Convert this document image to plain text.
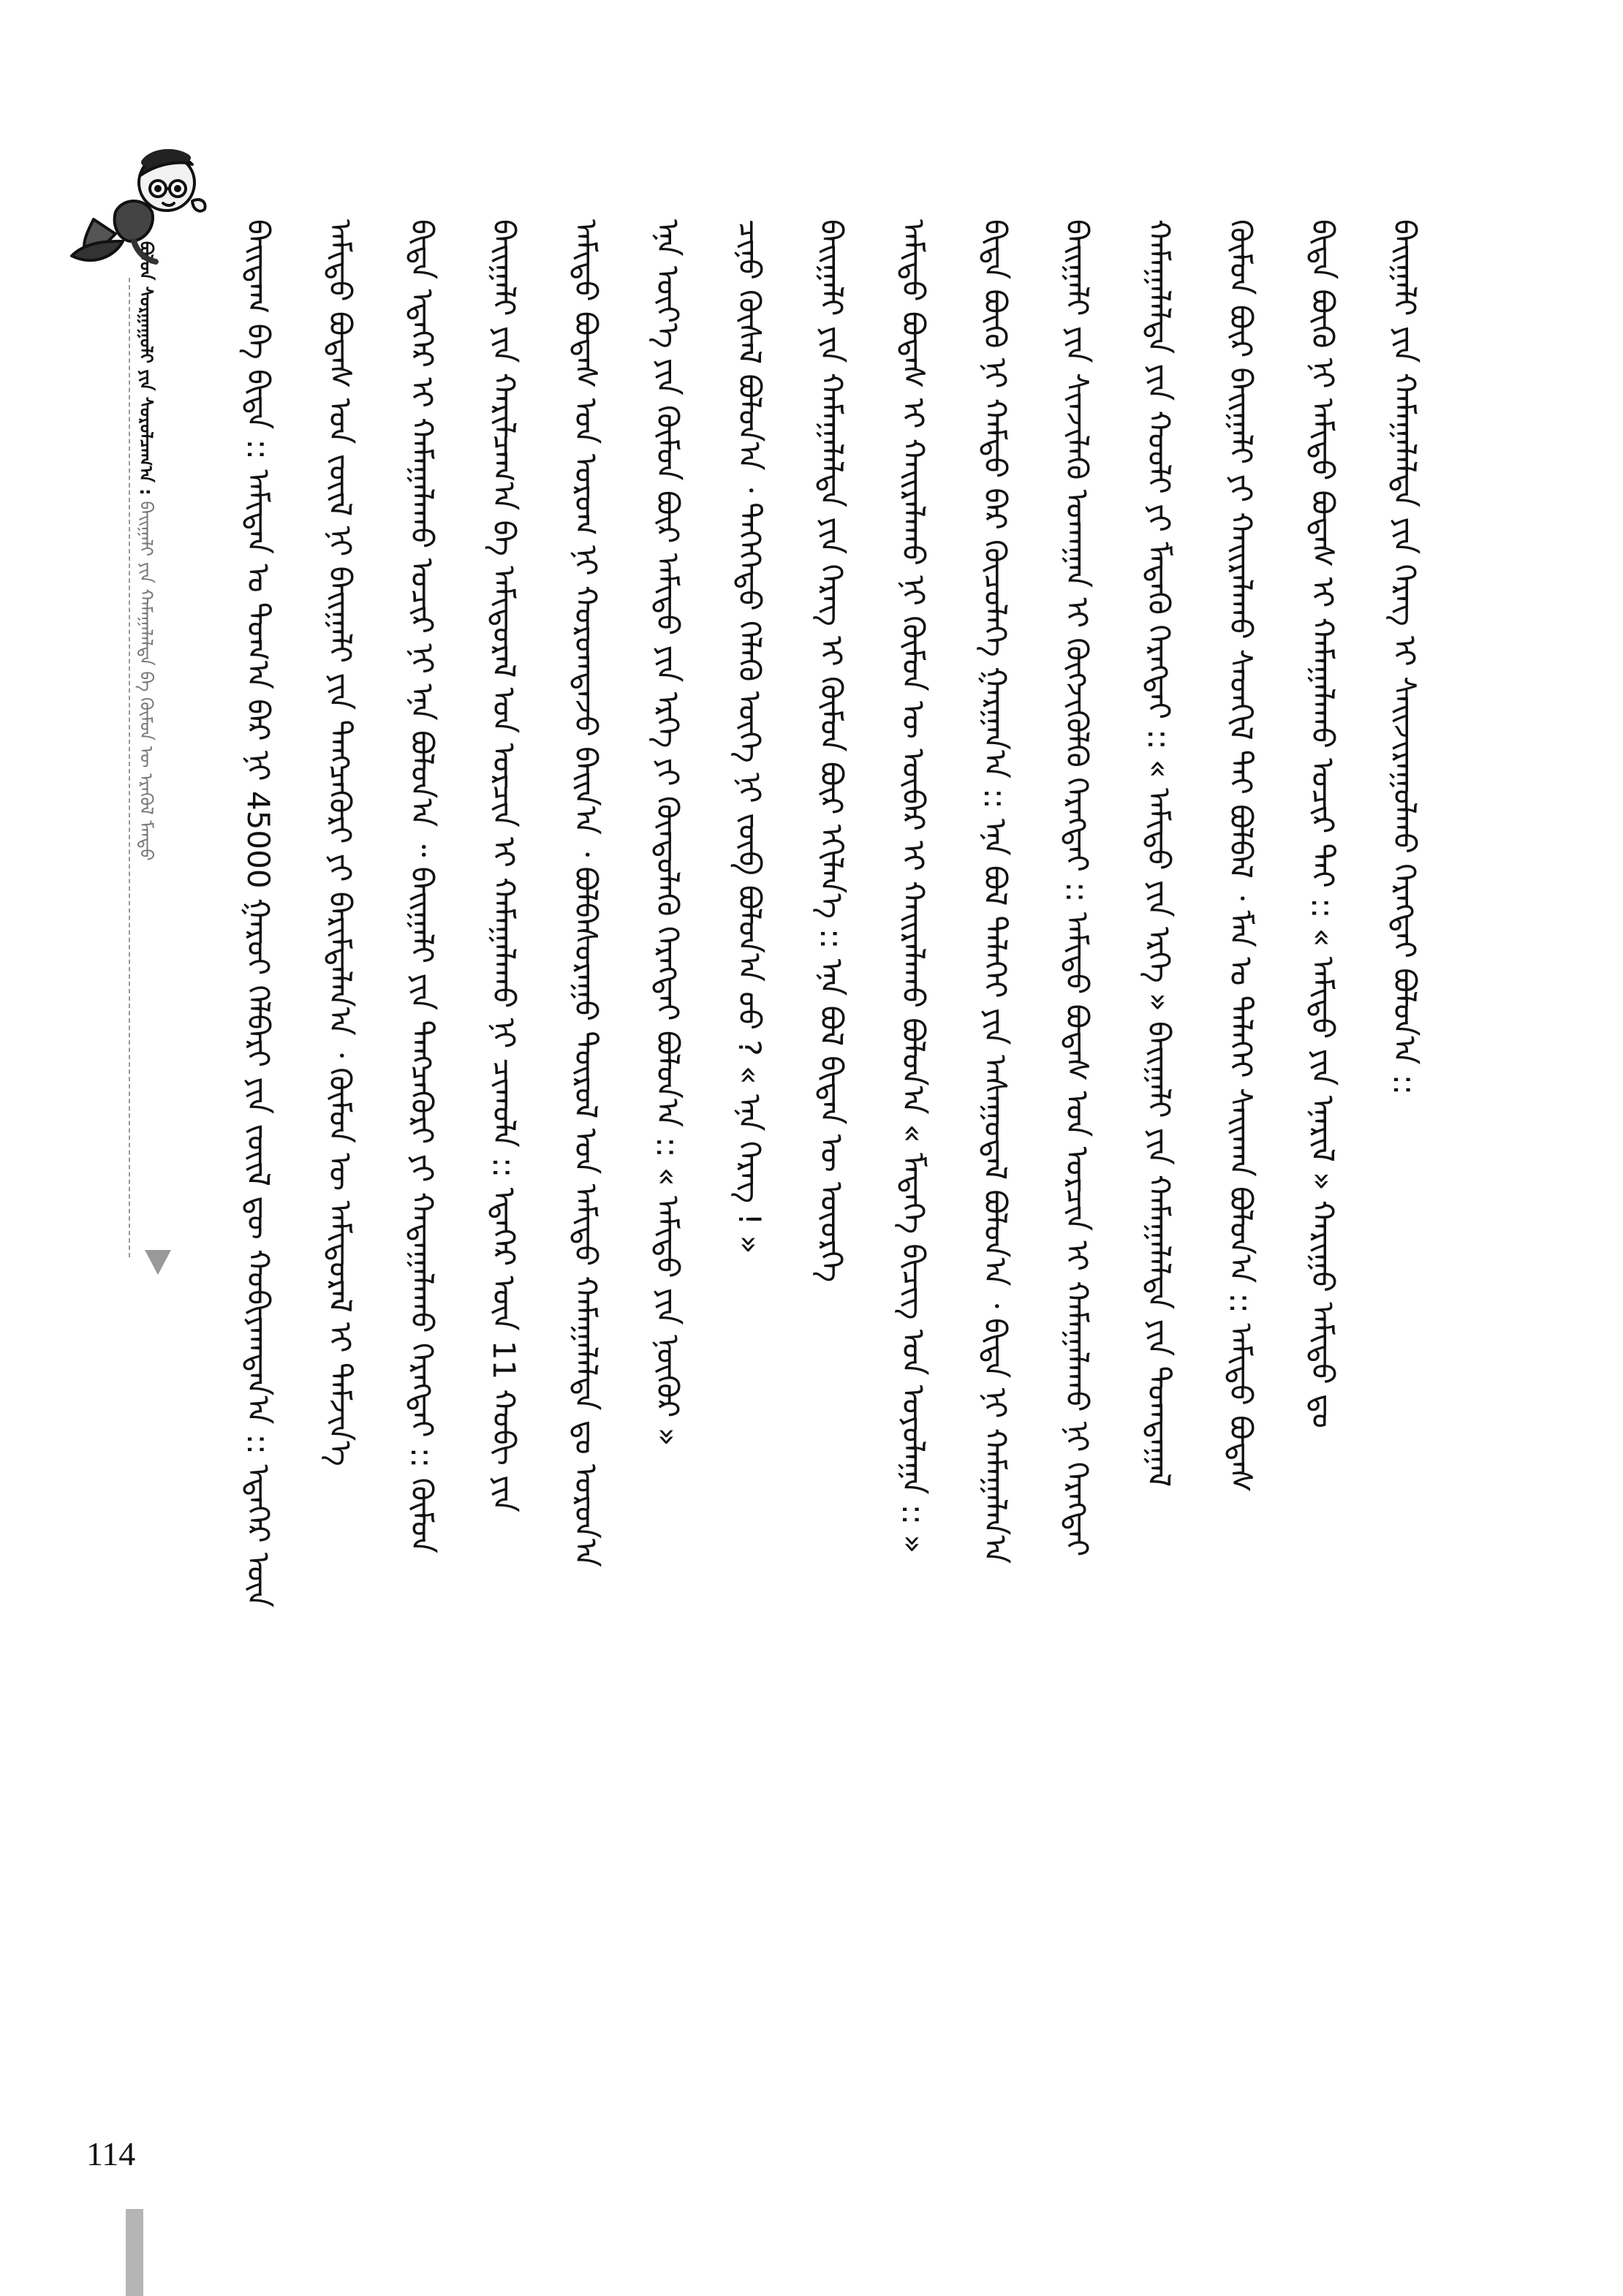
ᠪᠣᠯᠤᠨ ᠰᠤᠷᠭᠠᠭᠤᠯᠢ ᠶᠢᠨ ᠰᠤᠷᠤᠯᠴᠠᠭ᠎ᠠ : ᠪᠠᠢᠭᠠᠯᠢ ᠶᠢᠨ ᠬᠠᠮᠠᠭᠠᠯᠠᠯᠳᠠ ᠪᠠ ᠬᠥᠮᠦᠨ ᠦ ᠡᠷᠡᠭᠦᠯ ᠮᠡᠨᠳᠦ	ᠪᠠᠢᠳᠠᠭ ᠪᠠ ᠪᠢᠳᠡ :: ᠠᠮᠢᠲᠠᠨ ᠤ ᠲᠣᠭ᠎ᠠ ᠪᠠᠷ ᠨᠢ 45000 ᠭᠠᠷᠤᠢ ᠬᠡᠯᠪᠡᠷᠢ ᠶᠢᠨ ᠵᠦᠢᠯ ᠳᠦ ᠬᠤᠪᠢᠶᠠᠭᠳᠠᠨ᠎ᠠ :: ᠡᠳᠡᠭᠡᠷ ᠦᠨ	ᠠᠮᠢᠳᠤ ᠪᠣᠳᠠᠰ ᠤᠨ ᠵᠦᠢᠯ ᠨᠢ ᠪᠠᠢᠭᠠᠯᠢ ᠶᠢᠨ ᠲᠡᠩᠴᠡᠭᠦᠷᠢ ᠶᠢ ᠪᠠᠷᠢᠮᠲᠠᠯᠠᠨ᠎ᠠ ᠂ ᠬᠦᠮᠦᠨ ᠦ ᠠᠮᠢᠳᠤᠷᠠᠯ ᠢ ᠳᠡᠮᠵᠢᠨ᠎ᠡ	ᠪᠢᠳᠡ ᠡᠳᠡᠭᠡᠷ ᠢ ᠬᠠᠮᠠᠭᠠᠯᠠᠬᠤ ᠤᠴᠢᠷ ᠨᠢ ᠡᠨᠡ ᠪᠤᠯᠤᠨ᠎ᠠ ᠃ ᠪᠠᠢᠭᠠᠯᠢ ᠶᠢᠨ ᠲᠡᠩᠴᠡᠭᠦᠷᠢ ᠶᠢ ᠬᠠᠳᠠᠭᠠᠯᠠᠬᠤ ᠬᠡᠷᠡᠭᠲᠡᠢ :: ᠬᠦᠮᠦᠨ	ᠪᠠᠢᠭᠠᠯᠢ ᠶᠢᠨ ᠬᠠᠷᠢᠯᠴᠠᠭ᠎ᠠ ᠪᠠ ᠠᠮᠢᠳᠤᠷᠠᠯ ᠤᠨ ᠣᠷᠴᠢᠨ ᠢ ᠬᠠᠮᠠᠭᠠᠯᠠᠬᠤ ᠨᠢ ᠴᠢᠬᠤᠯᠠ :: ᠡᠳᠡᠭᠡᠷ ᠦᠨ 11 ᠬᠤᠪᠢ ᠶᠢᠨ	ᠠᠮᠢᠳᠤ ᠪᠣᠳᠠᠰ ᠤᠨ ᠤᠷᠤᠭ ᠨᠢ ᠬᠣᠷᠣᠭᠳᠠᠵᠤ ᠪᠠᠢᠨ᠎ᠠ ᠂ ᠪᠣᠯᠪᠠᠰᠤᠷᠠᠭᠤ ᠲᠥᠷᠥᠯ ᠤᠨ ᠠᠮᠢᠳᠤ ᠬᠠᠮᠠᠭᠠᠯᠠᠯᠲᠠ ᠳᠤ ᠣᠷᠣᠨ᠎ᠠ	ᠡᠨᠡ ᠦᠶ᠎ᠡ ᠶᠢᠨ ᠬᠦᠮᠦᠨ ᠪᠦᠷ ᠠᠮᠢᠳᠤ ᠶᠢᠨ ᠡᠷᠬᠡ ᠶᠢ ᠬᠦᠨᠳᠦᠯᠡᠬᠦ ᠬᠡᠷᠡᠭᠲᠡᠢ ᠪᠣᠯᠤᠨ᠎ᠠ :: « ᠠᠮᠢᠳᠤ ᠶᠢᠨ ᠨᠥᠬᠦᠷ »	ᠴᠢᠨᠦ ᠬᠦᠰᠡᠯ ᠪᠣᠯᠤᠨ᠎ᠠ ᠂ ᠲᠡᠭᠡᠭᠡᠳᠦ ᠬᠡᠯᠡᠬᠦ ᠦᠭᠡ ᠨᠢ ᠵᠥᠪ ᠪᠣᠯᠤᠨ᠎ᠠ ᠤᠤ ? « ᠡᠨᠡ ᠬᠡᠷᠡᠭ ! »	ᠪᠠᠢᠭᠠᠯᠢ ᠶᠢᠨ ᠬᠠᠮᠠᠭᠠᠯᠠᠯᠲᠠ ᠶᠢᠨ ᠬᠡᠷᠡᠭ ᠢ ᠬᠦᠮᠦᠨ ᠪᠦᠷ ᠡᠬᠢᠯᠡᠨ᠎ᠡ :: ᠡᠨᠡ ᠪᠣᠯ ᠪᠢᠳᠡᠨ ᠦ ᠦᠦᠷᠭᠡ	ᠠᠮᠢᠳᠤ ᠪᠣᠳᠠᠰ ᠢ ᠬᠠᠢᠷᠠᠯᠠᠬᠤ ᠨᠢ ᠬᠦᠮᠦᠨ ᠦ ᠥᠪᠡᠷ ᠢ ᠬᠠᠢᠷᠠᠯᠠᠬᠤ ᠪᠣᠯᠤᠨ᠎ᠠ « ᠮᠡᠳᠡᠭᠡ ᠪᠢᠴᠢᠭ ᠤᠨ ᠣᠶᠣᠯᠠᠭᠠ :: »	ᠪᠢᠳᠡ ᠪᠦᠬᠦ ᠨᠢ ᠬᠠᠮᠲᠤ ᠪᠠᠷ ᠬᠦᠴᠦᠯᠡᠭᠡ ᠭᠠᠷᠭᠠᠨ᠎ᠠ :: ᠡᠨᠡ ᠪᠣᠯ ᠳᠡᠯᠡᠬᠡᠢ ᠶᠢᠨ ᠠᠰᠠᠭᠤᠳᠠᠯ ᠪᠣᠯᠤᠨ᠎ᠠ ᠂ ᠪᠢᠳᠡ ᠨᠢ ᠬᠠᠮᠠᠭᠠᠯᠠᠨ᠎ᠠ	ᠪᠠᠢᠭᠠᠯᠢ ᠶᠢᠨ ᠰᠢᠨᠵᠢᠯᠡᠬᠦ ᠤᠬᠠᠭᠠᠨ ᠢ ᠬᠥᠭᠵᠢᠭᠦᠯᠬᠦ ᠬᠡᠷᠡᠭᠲᠡᠢ :: ᠠᠮᠢᠳᠤ ᠪᠣᠳᠠᠰ ᠤᠨ ᠣᠷᠴᠢᠨ ᠢ ᠬᠠᠮᠠᠭᠠᠯᠠᠬᠤ ᠨᠢ ᠬᠡᠷᠡᠭᠲᠡᠢ	ᠬᠠᠮᠠᠭᠠᠯᠠᠯᠲᠠ ᠶᠢᠨ ᠬᠤᠤᠯᠢ ᠶᠢ ᠮᠡᠳᠡᠬᠦ ᠬᠡᠷᠡᠭᠲᠡᠢ :: « ᠠᠮᠢᠳᠤ ᠶᠢᠨ ᠡᠷᠬᠡ » ᠪᠠᠢᠭᠠᠯᠢ ᠶᠢᠨ ᠬᠠᠮᠠᠭᠠᠯᠠᠯᠲᠠ ᠶᠢᠨ ᠲᠣᠭᠲᠠᠭᠠᠯ	ᠬᠦᠮᠦᠨ ᠪᠦᠷ ᠪᠠᠢᠭᠠᠯᠢ ᠶᠢ ᠬᠠᠢᠷᠠᠯᠠᠬᠤ ᠰᠡᠳᠬᠢᠯ ᠲᠡᠢ ᠪᠣᠯᠪᠠᠯ ᠂ ᠮᠠᠨ ᠤ ᠳᠡᠯᠡᠬᠡᠢ ᠰᠠᠢᠬᠠᠨ ᠪᠣᠯᠤᠨ᠎ᠠ :: ᠠᠮᠢᠳᠤ ᠪᠣᠳᠠᠰ	ᠪᠢᠳᠡ ᠪᠦᠬᠦ ᠨᠢ ᠠᠮᠢᠳᠤ ᠪᠣᠳᠠᠰ ᠢ ᠬᠠᠮᠠᠭᠠᠯᠠᠬᠤ ᠤᠴᠢᠷ ᠲᠠᠢ :: « ᠠᠮᠢᠳᠤ ᠶᠢᠨ ᠡᠨᠡᠷᠢᠯ » ᠬᠠᠷᠢᠭᠤ ᠠᠮᠢᠳᠤ ᠳᠤ	ᠪᠠᠢᠭᠠᠯᠢ ᠶᠢᠨ ᠬᠠᠮᠠᠭᠠᠯᠠᠯᠲᠠ ᠶᠢᠨ ᠬᠡᠷᠡᠭ ᠢ ᠰᠠᠢᠵᠢᠷᠠᠭᠤᠯᠬᠤ ᠬᠡᠷᠡᠭᠲᠡᠢ ᠪᠣᠯᠤᠨ᠎ᠠ ::
114
